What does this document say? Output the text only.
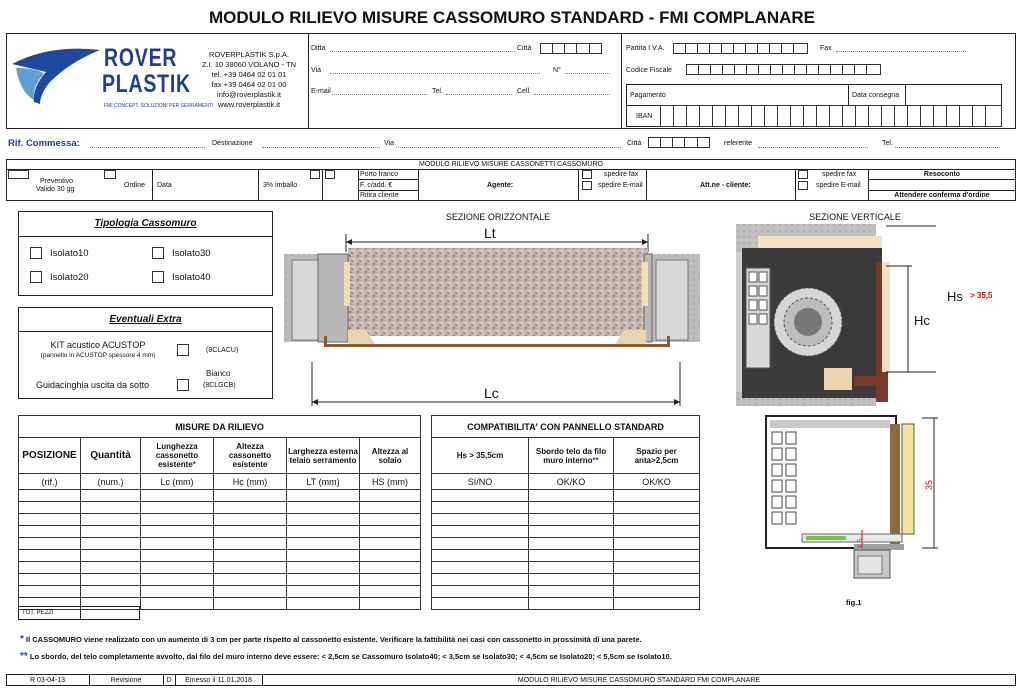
MODULO RILIEVO MISURE CASSOMURO STANDARD - FMI COMPLANARE
ROVER
PLASTIK
FMI CONCEPT. SOLUZIONI PER SERRAMENTI
ROVERPLASTIK S.p.A.
Z.I. 10 38060 VOLANO - TN
tel. +39 0464 02 01 01
fax +39 0464 02 01 00
info@roverplastik.it
www.roverplastik.it
Ditta	Città
Via	N°
E-mail	Tel.	Cell.
Partita I.V.A.	Fax
Codice Fiscale
Pagamento	Data consegna
IBAN
Rif. Commessa:	Destinazione	Via	Città	referente	Tel.
MODULO RILIEVO MISURE CASSONETTI CASSOMURO
Preventivo
Valido 30 gg
Ordine Data	3% imballo
Porto franco
F. c/add. €
Ritira cliente
Agente:
spedire fax
spedire E-mail	Att.ne - cliente:
spedire fax
spedire E-mail
Resoconto
Attendere conferma d'ordine
Tipologia Cassomuro
Isolato10	Isolato30
Isolato20	Isolato40
Eventuali Extra
KIT acustico ACUSTOP
(pannello in ACUSTOP spessore 4 mm)
(8CLACU)
Guidacinghia uscita da sotto
Bianco
(8CLGCB)
SEZIONE ORIZZONTALE
Lt
Lc
SEZIONE VERTICALE
Hs > 35,5
Hc
MISURE DA RILIEVO					
POSIZIONE	Quantità	Lunghezza cassonetto esistente*	Altezza cassonetto esistente	Larghezza esterna telaio serramento	Altezza al solaio
(rif.)	(num.)	Lc (mm)	Hc (mm)	LT (mm)	HS (mm)

TOT. PEZZI
COMPATIBILITA' CON PANNELLO STANDARD		
Hs > 35,5cm	Sbordo telo da filo muro interno**	Spazio per anta>2,5cm
SI/NO	OK/KO	OK/KO

			35
2,5
fig.1
* Il CASSOMURO viene realizzato con un aumento di 3 cm per parte rispetto al cassonetto esistente. Verificare la fattibilità nei casi con cassonetto in prossimità di una parete.
** Lo sbordo, del telo completamente avvolto, dal filo del muro interno deve essere: < 2,5cm se Cassomuro Isolato40; < 3,5cm se Isolato30; < 4,5cm se Isolato20; < 5,5cm se Isolato10.
R 03-04-13	Revisione	D	Emesso il 11.01.2018	MODULO RILIEVO MISURE CASSOMURO STANDARD FMI COMPLANARE
